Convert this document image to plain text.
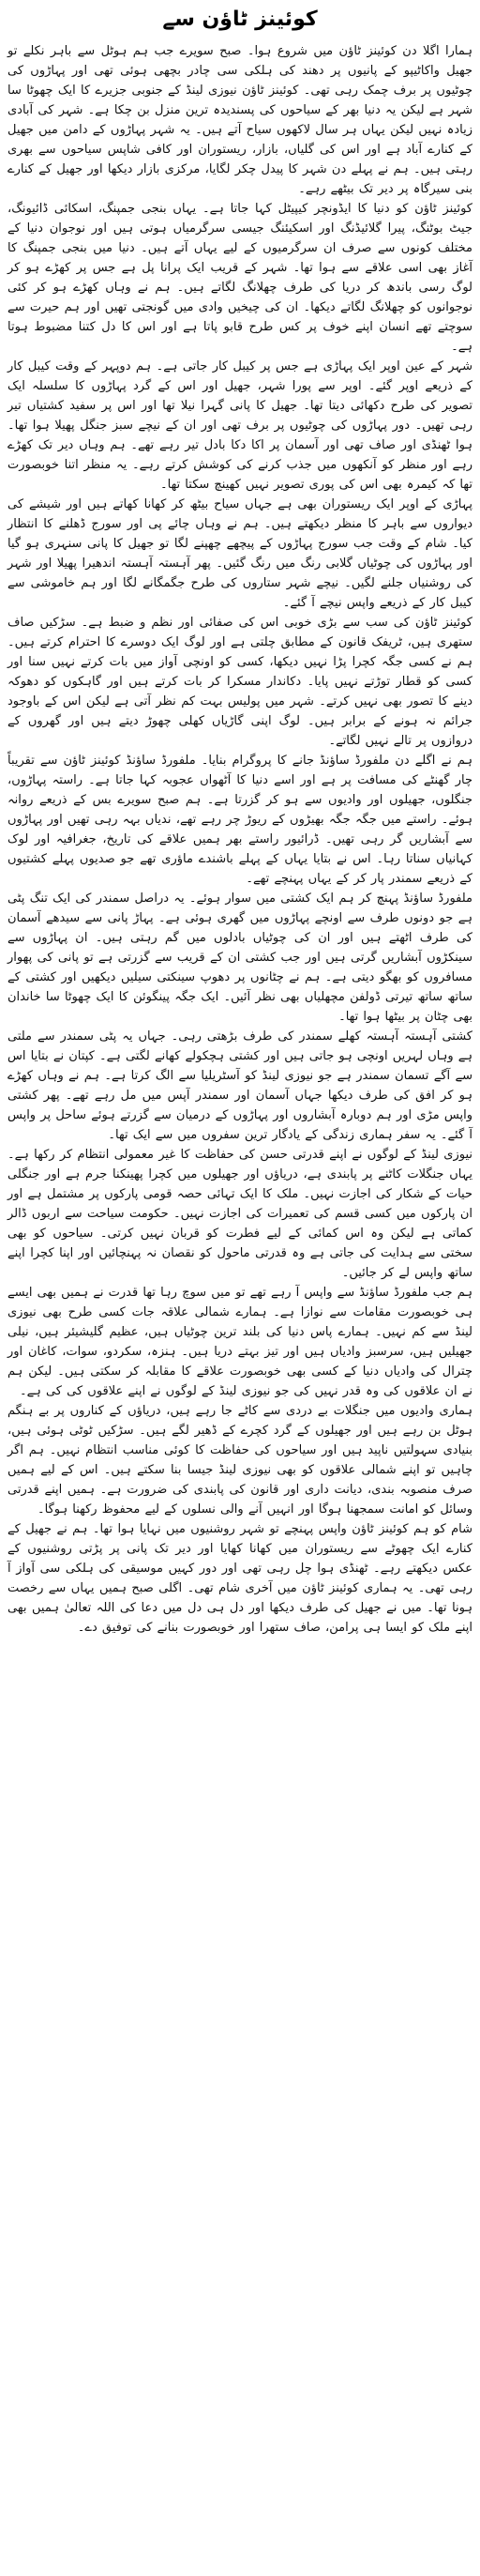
کوئینز ٹاؤن سے

ہمارا اگلا دن کوئینز ٹاؤن میں شروع ہوا۔ صبح سویرے جب ہم ہوٹل سے باہر نکلے تو جھیل واکاٹیپو کے پانیوں پر دھند کی ہلکی سی چادر بچھی ہوئی تھی اور پہاڑوں کی چوٹیوں پر برف چمک رہی تھی۔ کوئینز ٹاؤن نیوزی لینڈ کے جنوبی جزیرے کا ایک چھوٹا سا شہر ہے لیکن یہ دنیا بھر کے سیاحوں کی پسندیدہ ترین منزل بن چکا ہے۔ شہر کی آبادی زیادہ نہیں لیکن یہاں ہر سال لاکھوں سیاح آتے ہیں۔ یہ شہر پہاڑوں کے دامن میں جھیل کے کنارے آباد ہے اور اس کی گلیاں، بازار، ریستوران اور کافی شاپس سیاحوں سے بھری رہتی ہیں۔ ہم نے پہلے دن شہر کا پیدل چکر لگایا، مرکزی بازار دیکھا اور جھیل کے کنارے بنی سیرگاہ پر دیر تک بیٹھے رہے۔

کوئینز ٹاؤن کو دنیا کا ایڈونچر کیپیٹل کہا جاتا ہے۔ یہاں بنجی جمپنگ، اسکائی ڈائیونگ، جیٹ بوٹنگ، پیرا گلائیڈنگ اور اسکیئنگ جیسی سرگرمیاں ہوتی ہیں اور نوجوان دنیا کے مختلف کونوں سے صرف ان سرگرمیوں کے لیے یہاں آتے ہیں۔ دنیا میں بنجی جمپنگ کا آغاز بھی اسی علاقے سے ہوا تھا۔ شہر کے قریب ایک پرانا پل ہے جس پر کھڑے ہو کر لوگ رسی باندھ کر دریا کی طرف چھلانگ لگاتے ہیں۔ ہم نے وہاں کھڑے ہو کر کئی نوجوانوں کو چھلانگ لگاتے دیکھا۔ ان کی چیخیں وادی میں گونجتی تھیں اور ہم حیرت سے سوچتے تھے انسان اپنے خوف پر کس طرح قابو پاتا ہے اور اس کا دل کتنا مضبوط ہوتا ہے۔

شہر کے عین اوپر ایک پہاڑی ہے جس پر کیبل کار جاتی ہے۔ ہم دوپہر کے وقت کیبل کار کے ذریعے اوپر گئے۔ اوپر سے پورا شہر، جھیل اور اس کے گرد پہاڑوں کا سلسلہ ایک تصویر کی طرح دکھائی دیتا تھا۔ جھیل کا پانی گہرا نیلا تھا اور اس پر سفید کشتیاں تیر رہی تھیں۔ دور پہاڑوں کی چوٹیوں پر برف تھی اور ان کے نیچے سبز جنگل پھیلا ہوا تھا۔ ہوا ٹھنڈی اور صاف تھی اور آسمان پر اکا دکا بادل تیر رہے تھے۔ ہم وہاں دیر تک کھڑے رہے اور منظر کو آنکھوں میں جذب کرنے کی کوشش کرتے رہے۔ یہ منظر اتنا خوبصورت تھا کہ کیمرہ بھی اس کی پوری تصویر نہیں کھینچ سکتا تھا۔

پہاڑی کے اوپر ایک ریستوران بھی ہے جہاں سیاح بیٹھ کر کھانا کھاتے ہیں اور شیشے کی دیواروں سے باہر کا منظر دیکھتے ہیں۔ ہم نے وہاں چائے پی اور سورج ڈھلنے کا انتظار کیا۔ شام کے وقت جب سورج پہاڑوں کے پیچھے چھپنے لگا تو جھیل کا پانی سنہری ہو گیا اور پہاڑوں کی چوٹیاں گلابی رنگ میں رنگ گئیں۔ پھر آہستہ آہستہ اندھیرا پھیلا اور شہر کی روشنیاں جلنے لگیں۔ نیچے شہر ستاروں کی طرح جگمگانے لگا اور ہم خاموشی سے کیبل کار کے ذریعے واپس نیچے آ گئے۔

کوئینز ٹاؤن کی سب سے بڑی خوبی اس کی صفائی اور نظم و ضبط ہے۔ سڑکیں صاف ستھری ہیں، ٹریفک قانون کے مطابق چلتی ہے اور لوگ ایک دوسرے کا احترام کرتے ہیں۔ ہم نے کسی جگہ کچرا پڑا نہیں دیکھا، کسی کو اونچی آواز میں بات کرتے نہیں سنا اور کسی کو قطار توڑتے نہیں پایا۔ دکاندار مسکرا کر بات کرتے ہیں اور گاہکوں کو دھوکہ دینے کا تصور بھی نہیں کرتے۔ شہر میں پولیس بہت کم نظر آتی ہے لیکن اس کے باوجود جرائم نہ ہونے کے برابر ہیں۔ لوگ اپنی گاڑیاں کھلی چھوڑ دیتے ہیں اور گھروں کے دروازوں پر تالے نہیں لگاتے۔

ہم نے اگلے دن ملفورڈ ساؤنڈ جانے کا پروگرام بنایا۔ ملفورڈ ساؤنڈ کوئینز ٹاؤن سے تقریباً چار گھنٹے کی مسافت پر ہے اور اسے دنیا کا آٹھواں عجوبہ کہا جاتا ہے۔ راستہ پہاڑوں، جنگلوں، جھیلوں اور وادیوں سے ہو کر گزرتا ہے۔ ہم صبح سویرے بس کے ذریعے روانہ ہوئے۔ راستے میں جگہ جگہ بھیڑوں کے ریوڑ چر رہے تھے، ندیاں بہہ رہی تھیں اور پہاڑوں سے آبشاریں گر رہی تھیں۔ ڈرائیور راستے بھر ہمیں علاقے کی تاریخ، جغرافیہ اور لوک کہانیاں سناتا رہا۔ اس نے بتایا یہاں کے پہلے باشندے ماؤری تھے جو صدیوں پہلے کشتیوں کے ذریعے سمندر پار کر کے یہاں پہنچے تھے۔

ملفورڈ ساؤنڈ پہنچ کر ہم ایک کشتی میں سوار ہوئے۔ یہ دراصل سمندر کی ایک تنگ پٹی ہے جو دونوں طرف سے اونچے پہاڑوں میں گھری ہوئی ہے۔ پہاڑ پانی سے سیدھے آسمان کی طرف اٹھتے ہیں اور ان کی چوٹیاں بادلوں میں گم رہتی ہیں۔ ان پہاڑوں سے سینکڑوں آبشاریں گرتی ہیں اور جب کشتی ان کے قریب سے گزرتی ہے تو پانی کی پھوار مسافروں کو بھگو دیتی ہے۔ ہم نے چٹانوں پر دھوپ سینکتی سیلیں دیکھیں اور کشتی کے ساتھ ساتھ تیرتی ڈولفن مچھلیاں بھی نظر آئیں۔ ایک جگہ پینگوئن کا ایک چھوٹا سا خاندان بھی چٹان پر بیٹھا ہوا تھا۔

کشتی آہستہ آہستہ کھلے سمندر کی طرف بڑھتی رہی۔ جہاں یہ پٹی سمندر سے ملتی ہے وہاں لہریں اونچی ہو جاتی ہیں اور کشتی ہچکولے کھانے لگتی ہے۔ کپتان نے بتایا اس سے آگے تسمان سمندر ہے جو نیوزی لینڈ کو آسٹریلیا سے الگ کرتا ہے۔ ہم نے وہاں کھڑے ہو کر افق کی طرف دیکھا جہاں آسمان اور سمندر آپس میں مل رہے تھے۔ پھر کشتی واپس مڑی اور ہم دوبارہ آبشاروں اور پہاڑوں کے درمیان سے گزرتے ہوئے ساحل پر واپس آ گئے۔ یہ سفر ہماری زندگی کے یادگار ترین سفروں میں سے ایک تھا۔

نیوزی لینڈ کے لوگوں نے اپنے قدرتی حسن کی حفاظت کا غیر معمولی انتظام کر رکھا ہے۔ یہاں جنگلات کاٹنے پر پابندی ہے، دریاؤں اور جھیلوں میں کچرا پھینکنا جرم ہے اور جنگلی حیات کے شکار کی اجازت نہیں۔ ملک کا ایک تہائی حصہ قومی پارکوں پر مشتمل ہے اور ان پارکوں میں کسی قسم کی تعمیرات کی اجازت نہیں۔ حکومت سیاحت سے اربوں ڈالر کماتی ہے لیکن وہ اس کمائی کے لیے فطرت کو قربان نہیں کرتی۔ سیاحوں کو بھی سختی سے ہدایت کی جاتی ہے وہ قدرتی ماحول کو نقصان نہ پہنچائیں اور اپنا کچرا اپنے ساتھ واپس لے کر جائیں۔

ہم جب ملفورڈ ساؤنڈ سے واپس آ رہے تھے تو میں سوچ رہا تھا قدرت نے ہمیں بھی ایسے ہی خوبصورت مقامات سے نوازا ہے۔ ہمارے شمالی علاقہ جات کسی طرح بھی نیوزی لینڈ سے کم نہیں۔ ہمارے پاس دنیا کی بلند ترین چوٹیاں ہیں، عظیم گلیشیئر ہیں، نیلی جھیلیں ہیں، سرسبز وادیاں ہیں اور تیز بہتے دریا ہیں۔ ہنزہ، سکردو، سوات، کاغان اور چترال کی وادیاں دنیا کے کسی بھی خوبصورت علاقے کا مقابلہ کر سکتی ہیں۔ لیکن ہم نے ان علاقوں کی وہ قدر نہیں کی جو نیوزی لینڈ کے لوگوں نے اپنے علاقوں کی کی ہے۔

ہماری وادیوں میں جنگلات بے دردی سے کاٹے جا رہے ہیں، دریاؤں کے کناروں پر بے ہنگم ہوٹل بن رہے ہیں اور جھیلوں کے گرد کچرے کے ڈھیر لگے ہیں۔ سڑکیں ٹوٹی ہوئی ہیں، بنیادی سہولتیں ناپید ہیں اور سیاحوں کی حفاظت کا کوئی مناسب انتظام نہیں۔ ہم اگر چاہیں تو اپنے شمالی علاقوں کو بھی نیوزی لینڈ جیسا بنا سکتے ہیں۔ اس کے لیے ہمیں صرف منصوبہ بندی، دیانت داری اور قانون کی پابندی کی ضرورت ہے۔ ہمیں اپنے قدرتی وسائل کو امانت سمجھنا ہوگا اور انہیں آنے والی نسلوں کے لیے محفوظ رکھنا ہوگا۔

شام کو ہم کوئینز ٹاؤن واپس پہنچے تو شہر روشنیوں میں نہایا ہوا تھا۔ ہم نے جھیل کے کنارے ایک چھوٹے سے ریستوران میں کھانا کھایا اور دیر تک پانی پر پڑتی روشنیوں کے عکس دیکھتے رہے۔ ٹھنڈی ہوا چل رہی تھی اور دور کہیں موسیقی کی ہلکی سی آواز آ رہی تھی۔ یہ ہماری کوئینز ٹاؤن میں آخری شام تھی۔ اگلی صبح ہمیں یہاں سے رخصت ہونا تھا۔ میں نے جھیل کی طرف دیکھا اور دل ہی دل میں دعا کی اللہ تعالیٰ ہمیں بھی اپنے ملک کو ایسا ہی پرامن، صاف ستھرا اور خوبصورت بنانے کی توفیق دے۔
